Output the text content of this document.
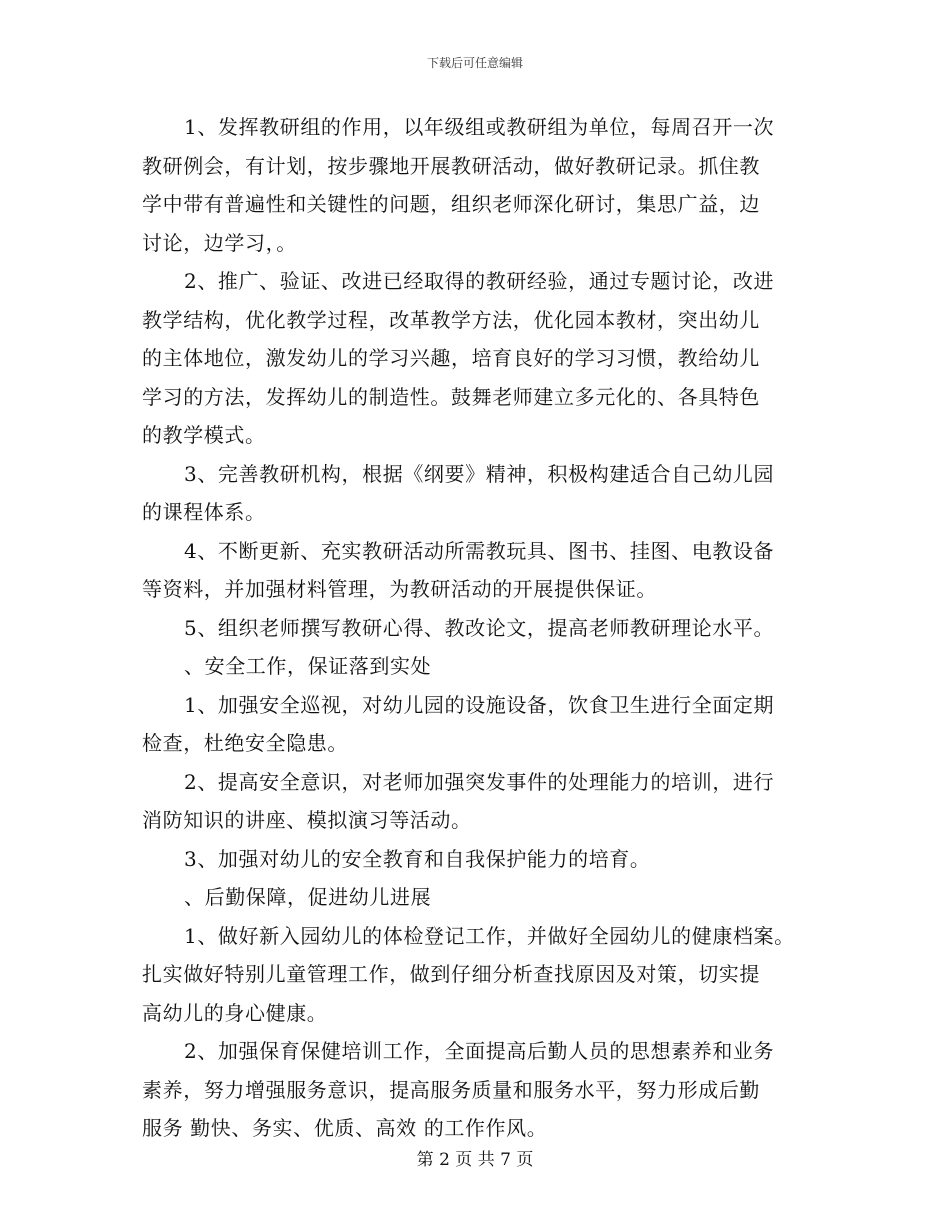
下载后可任意编辑
1、发挥教研组的作用，以年级组或教研组为单位，每周召开一次
教研例会，有计划，按步骤地开展教研活动，做好教研记录。抓住教
学中带有普遍性和关键性的问题，组织老师深化研讨，集思广益，边
讨论，边学习，。
2、推广、验证、改进已经取得的教研经验，通过专题讨论，改进
教学结构，优化教学过程，改革教学方法，优化园本教材，突出幼儿
的主体地位，激发幼儿的学习兴趣，培育良好的学习习惯，教给幼儿
学习的方法，发挥幼儿的制造性。鼓舞老师建立多元化的、各具特色
的教学模式。
3、完善教研机构，根据《纲要》精神，积极构建适合自己幼儿园
的课程体系。
4、不断更新、充实教研活动所需教玩具、图书、挂图、电教设备
等资料，并加强材料管理，为教研活动的开展提供保证。
5、组织老师撰写教研心得、教改论文，提高老师教研理论水平。
、安全工作，保证落到实处
1、加强安全巡视，对幼儿园的设施设备，饮食卫生进行全面定期
检查，杜绝安全隐患。
2、提高安全意识，对老师加强突发事件的处理能力的培训，进行
消防知识的讲座、模拟演习等活动。
3、加强对幼儿的安全教育和自我保护能力的培育。
、后勤保障，促进幼儿进展
1、做好新入园幼儿的体检登记工作，并做好全园幼儿的健康档案。
扎实做好特别儿童管理工作，做到仔细分析查找原因及对策，切实提
高幼儿的身心健康。
2、加强保育保健培训工作，全面提高后勤人员的思想素养和业务
素养，努力增强服务意识，提高服务质量和服务水平，努力形成后勤
服务 勤快、务实、优质、高效 的工作作风。
第 2 页 共 7 页
